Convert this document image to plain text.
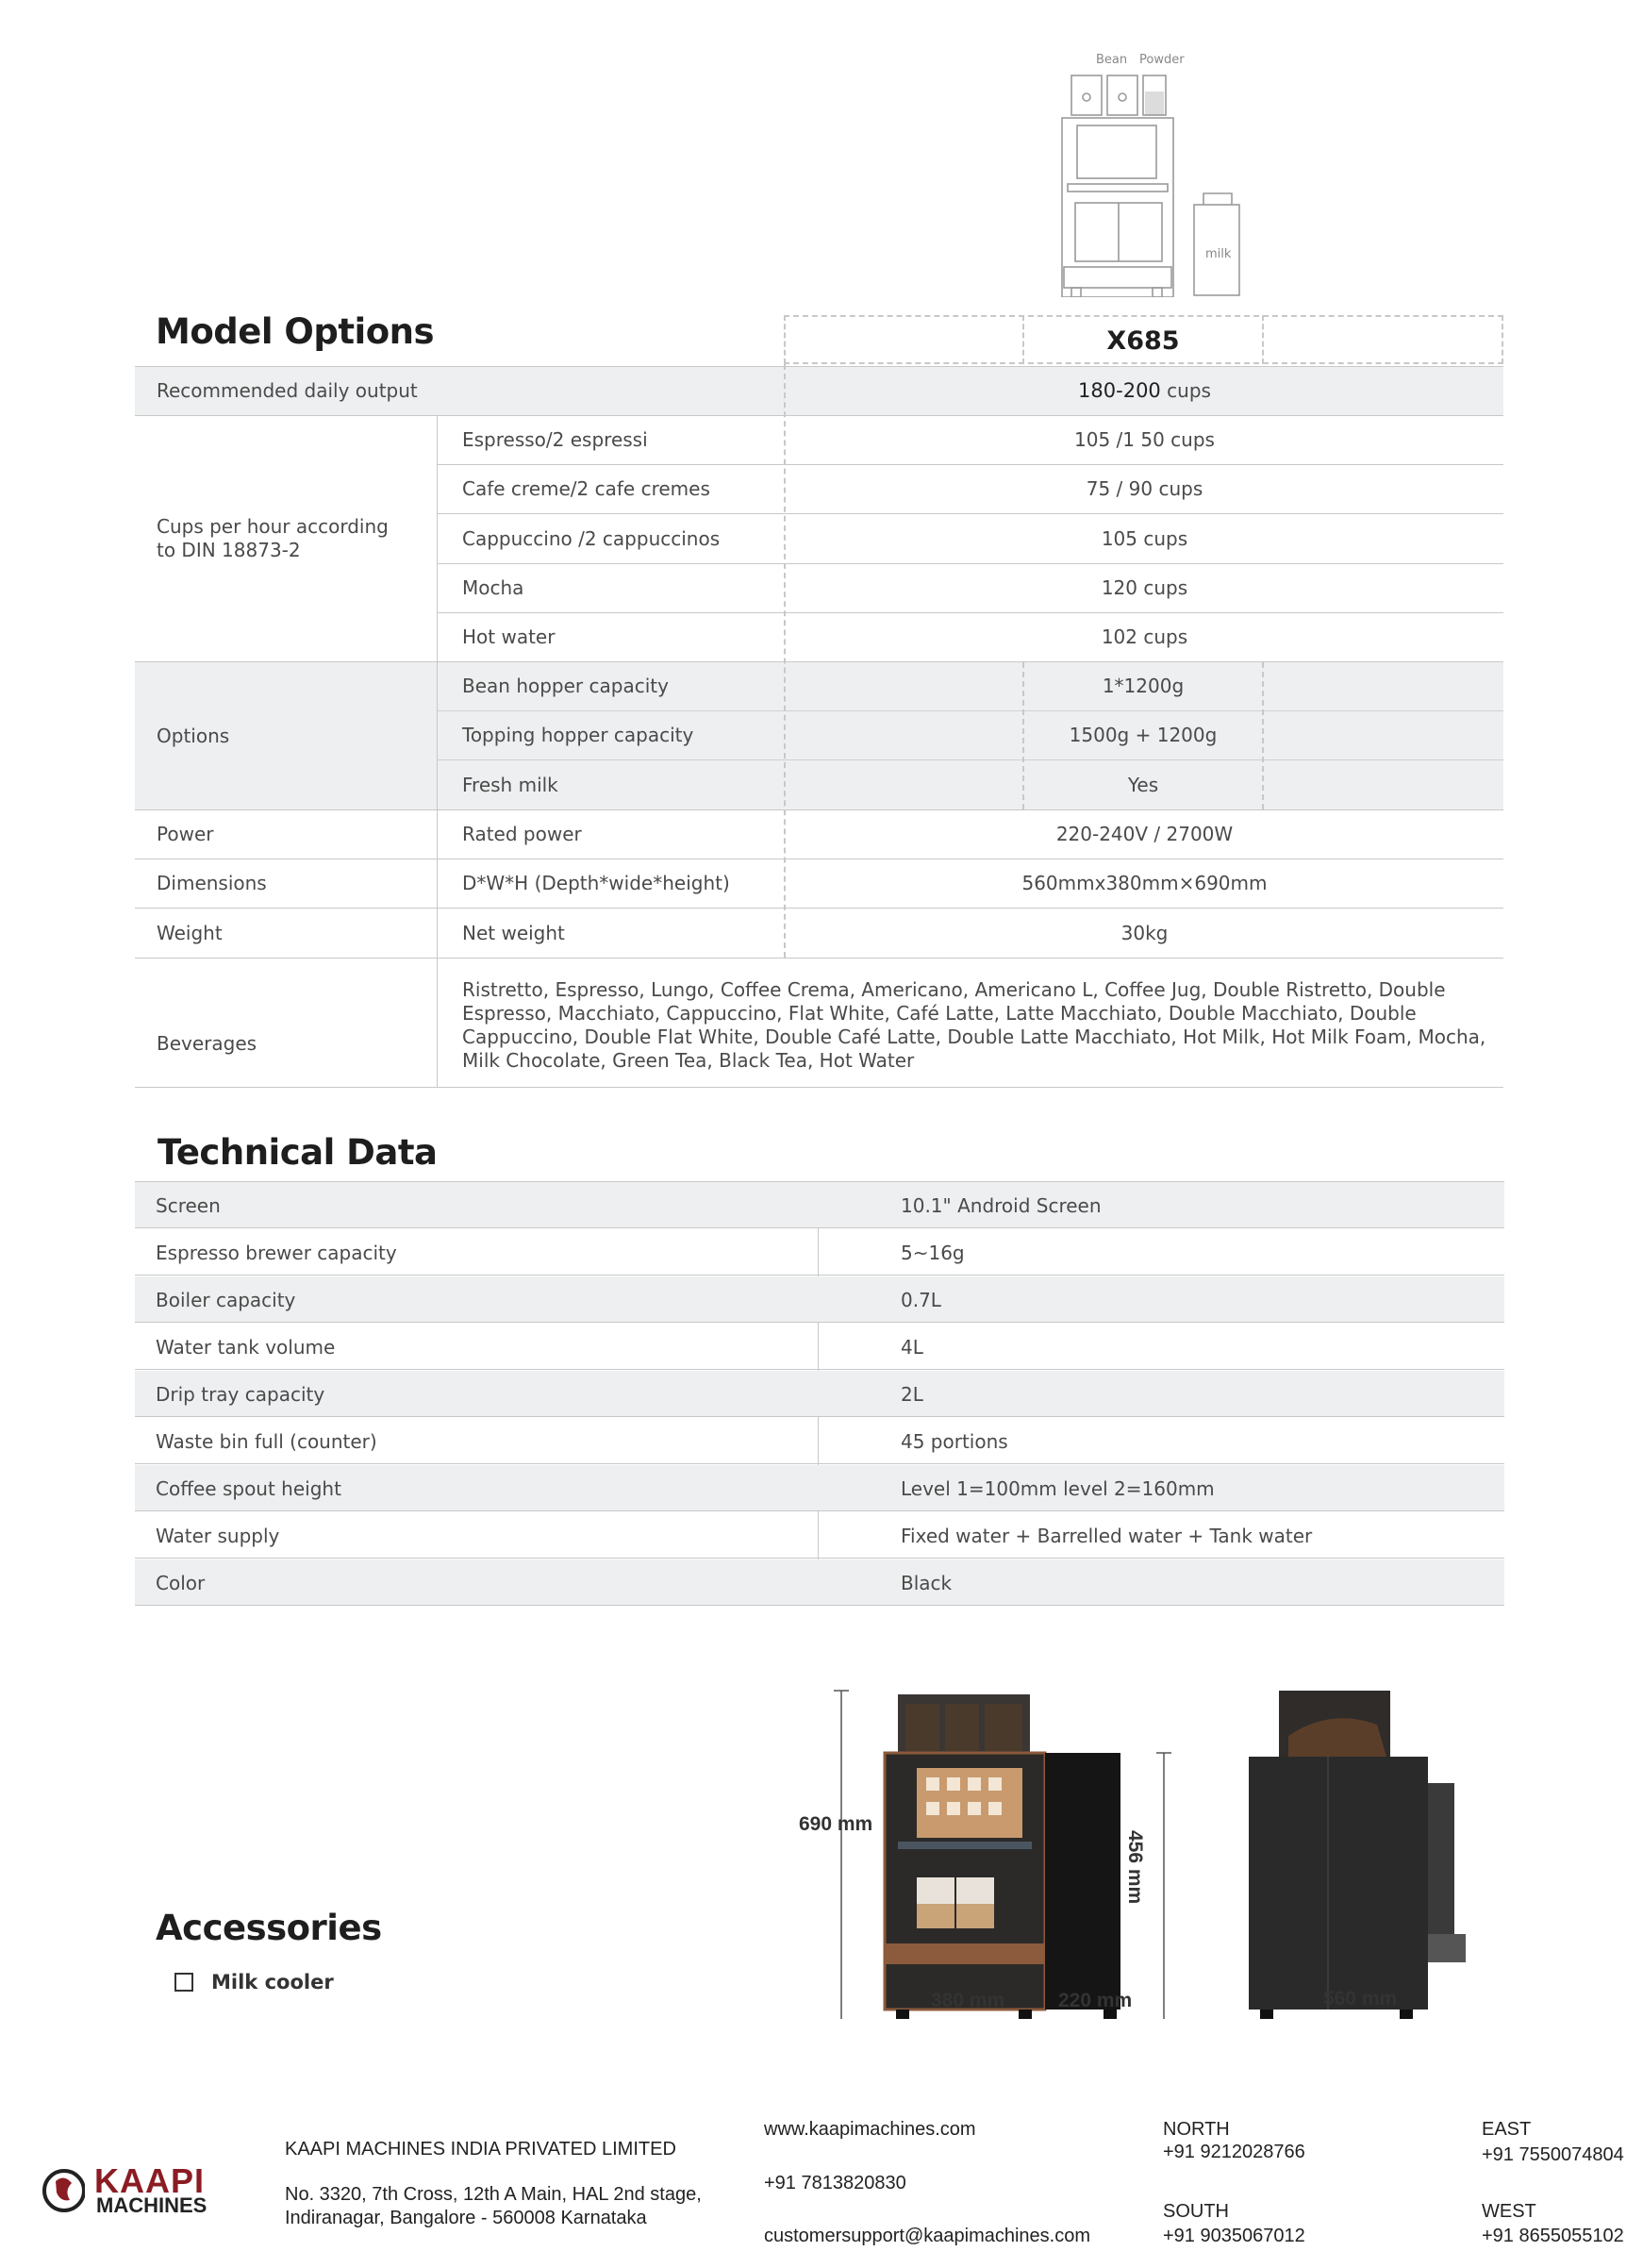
Bean Powder
milk
Model Options	X685
Recommended daily output	180-200
cups
Cups per hour according
to DIN 18873-2
Espresso/2 espressi	105 /1 50 cups
Cafe creme/2 cafe cremes	75 / 90 cups
Cappuccino /2 cappuccinos	105 cups
Mocha	120 cups
Hot water	102 cups
Options
Bean hopper capacity	1*1200g
Topping hopper capacity	1500g + 1200g
Fresh milk	Yes
Power	Rated power	220-240V / 2700W
Dimensions	D*W*H (Depth*wide*height)	560mmx380mm×690mm
Weight	Net weight	30kg
Beverages
Ristretto, Espresso, Lungo, Coffee Crema, Americano, Americano L, Coffee Jug, Double Ristretto, Double
Espresso, Macchiato, Cappuccino, Flat White, Café Latte, Latte Macchiato, Double Macchiato, Double
Cappuccino, Double Flat White, Double Café Latte, Double Latte Macchiato, Hot Milk, Hot Milk Foam, Mocha,
Milk Chocolate, Green Tea, Black Tea, Hot Water
Technical Data
Screen	10.1" Android Screen
Espresso brewer capacity	5~16g
Boiler capacity	0.7L
Water tank volume	4L
Drip tray capacity	2L
Waste bin full (counter)	45 portions
Coffee spout height	Level 1=100mm level 2=160mm
Water supply	Fixed water + Barrelled water + Tank water
Color	Black
Accessories
Milk cooler
690 mm
456 mm
380 mm	220 mm	560 mm
KAAPI
MACHINES
KAAPI MACHINES INDIA PRIVATED LIMITED
No. 3320, 7th Cross, 12th A Main, HAL 2nd stage,
Indiranagar, Bangalore - 560008 Karnataka
www.kaapimachines.com
+91 7813820830
customersupport@kaapimachines.com
NORTH
+91 9212028766
SOUTH
+91 9035067012
EAST
+91 7550074804
WEST
+91 8655055102
